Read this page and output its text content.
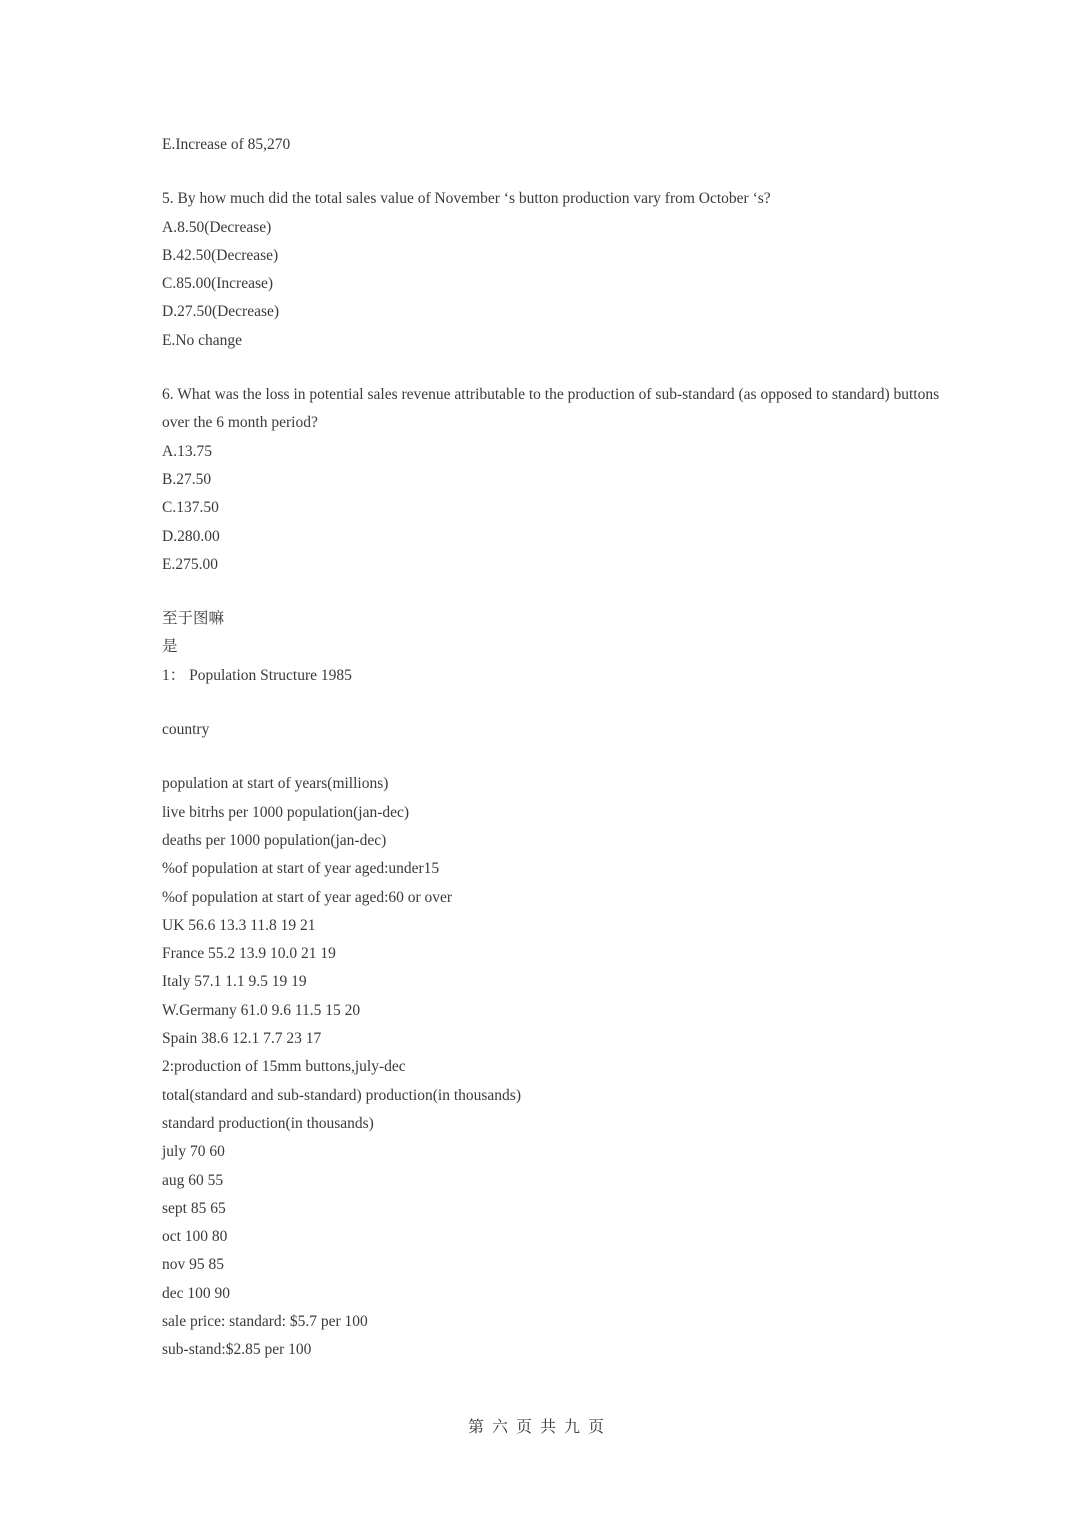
E.Increase of 85,270
5. By how much did the total sales value of November ‘s button production vary from October ‘s?
A.8.50(Decrease)
B.42.50(Decrease)
C.85.00(Increase)
D.27.50(Decrease)
E.No change
6. What was the loss in potential sales revenue attributable to the production of sub-standard (as opposed to standard) buttons over the 6 month period?
A.13.75
B.27.50
C.137.50
D.280.00
E.275.00
至于图嘛
是
1： Population Structure 1985
country
population at start of years(millions)
live bitrhs per 1000 population(jan-dec)
deaths per 1000 population(jan-dec)
%of population at start of year aged:under15
%of population at start of year aged:60 or over
UK 56.6 13.3 11.8 19 21
France 55.2 13.9 10.0 21 19
Italy 57.1 1.1 9.5 19 19
W.Germany 61.0 9.6 11.5 15 20
Spain 38.6 12.1 7.7 23 17
2:production of 15mm buttons,july-dec
total(standard and sub-standard) production(in thousands)
standard production(in thousands)
july 70 60
aug 60 55
sept 85 65
oct 100 80
nov 95 85
dec 100 90
sale price: standard: $5.7 per 100
sub-stand:$2.85 per 100
第六页共九页
